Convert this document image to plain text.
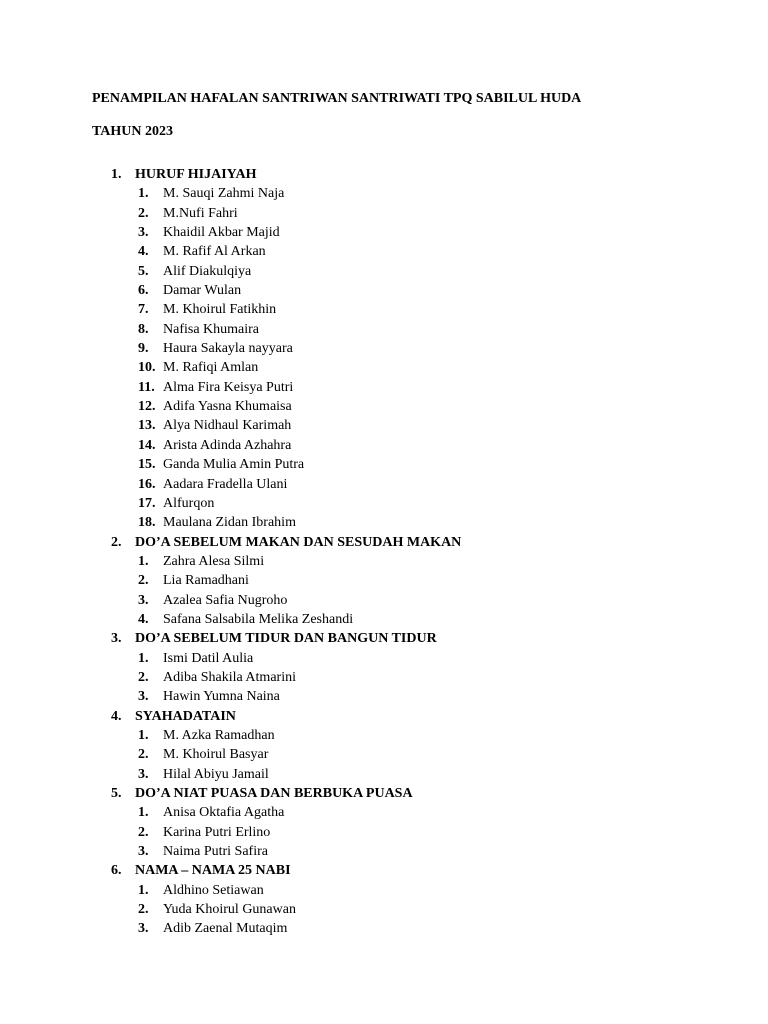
PENAMPILAN HAFALAN SANTRIWAN SANTRIWATI TPQ SABILUL HUDA
TAHUN 2023
1. HURUF HIJAIYAH
1.	M. Sauqi Zahmi Naja
2.	M.Nufi Fahri
3.	Khaidil Akbar Majid
4.	M. Rafif Al Arkan
5.	Alif Diakulqiya
6.	Damar Wulan
7.	M. Khoirul Fatikhin
8.	Nafisa Khumaira
9.	Haura Sakayla nayyara
10. M. Rafiqi Amlan
11. Alma Fira Keisya Putri
12. Adifa Yasna Khumaisa
13. Alya Nidhaul Karimah
14. Arista Adinda Azhahra
15. Ganda Mulia Amin Putra
16. Aadara Fradella Ulani
17. Alfurqon
18. Maulana Zidan Ibrahim
2. DO’A SEBELUM MAKAN DAN SESUDAH MAKAN
1.	Zahra Alesa Silmi
2.	Lia Ramadhani
3.	Azalea Safia Nugroho
4.	Safana Salsabila Melika Zeshandi
3. DO’A SEBELUM TIDUR DAN BANGUN TIDUR
1.	Ismi Datil Aulia
2.	Adiba Shakila Atmarini
3.	Hawin Yumna Naina
4. SYAHADATAIN
1.	M. Azka Ramadhan
2.	M. Khoirul Basyar
3.	Hilal Abiyu Jamail
5. DO’A NIAT PUASA DAN BERBUKA PUASA
1.	Anisa Oktafia Agatha
2.	Karina Putri Erlino
3.	Naima Putri Safira
6. NAMA – NAMA 25 NABI
1.	Aldhino Setiawan
2.	Yuda Khoirul Gunawan
3.	Adib Zaenal Mutaqim
